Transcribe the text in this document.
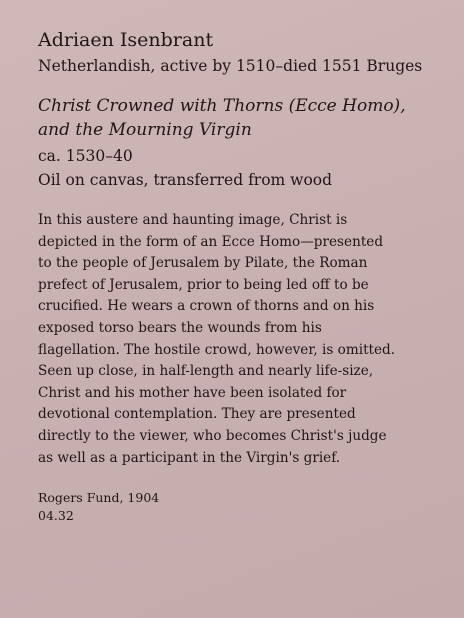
Adriaen Isenbrant

Netherlandish, active by 1510–died 1551 Bruges

Christ Crowned with Thorns (Ecce Homo),
and the Mourning Virgin

ca. 1530–40

Oil on canvas, transferred from wood

In this austere and haunting image, Christ is
depicted in the form of an Ecce Homo—presented
to the people of Jerusalem by Pilate, the Roman
prefect of Jerusalem, prior to being led off to be
crucified. He wears a crown of thorns and on his
exposed torso bears the wounds from his
flagellation. The hostile crowd, however, is omitted.
Seen up close, in half-length and nearly life-size,
Christ and his mother have been isolated for
devotional contemplation. They are presented
directly to the viewer, who becomes Christ's judge
as well as a participant in the Virgin's grief.
Rogers Fund, 1904
04.32
